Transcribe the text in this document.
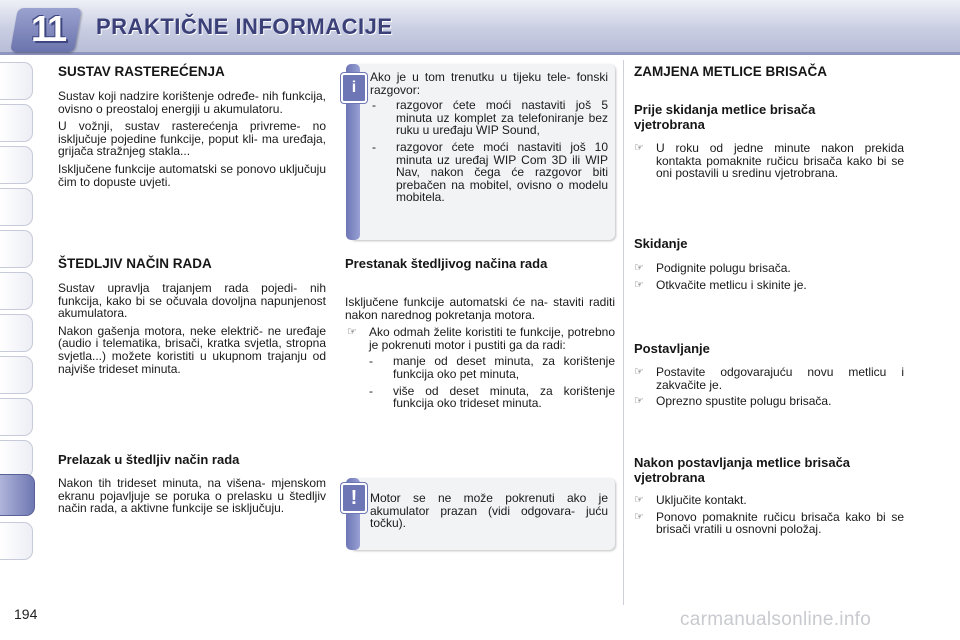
11	PRAKTIČNE INFORMACIJE
SUSTAV RASTEREĆENJA

Sustav koji nadzire korištenje određe- nih funkcija, ovisno o preostaloj energiji u akumulatoru.

U vožnji, sustav rasterećenja privreme- no isključuje pojedine funkcije, poput kli- ma uređaja, grijača stražnjeg stakla...

Isključene funkcije automatski se ponovo uključuju čim to dopuste uvjeti.

ŠTEDLJIV NAČIN RADA

Sustav upravlja trajanjem rada pojedi- nih funkcija, kako bi se očuvala dovoljna napunjenost akumulatora.

Nakon gašenja motora, neke električ- ne uređaje (audio i telematika, brisači, kratka svjetla, stropna svjetla...) možete koristiti u ukupnom trajanju od najviše trideset minuta.

Prelazak u štedljiv način rada

Nakon tih trideset minuta, na višena- mjenskom ekranu pojavljuje se poruka o prelasku u štedljiv način rada, a aktivne funkcije se isključuju.

i

Ako je u tom trenutku u tijeku tele- fonski razgovor:

- razgovor ćete moći nastaviti još 5 minuta uz komplet za telefoniranje bez ruku u uređaju WIP Sound,
- razgovor ćete moći nastaviti još 10 minuta uz uređaj WIP Com 3D ili WIP Nav, nakon čega će razgovor biti prebačen na mobitel, ovisno o modelu mobitela.
Prestanak štedljivog načina rada

Isključene funkcije automatski će na- staviti raditi nakon narednog pokretanja motora.

☞ Ako odmah želite koristiti te funkcije, potrebno je pokrenuti motor i pustiti ga da radi:
- manje od deset minuta, za korištenje funkcija oko pet minuta,
- više od deset minuta, za korištenje funkcija oko trideset minuta.
!	Motor se ne može pokrenuti ako je akumulator prazan (vidi odgovara- juću točku).

ZAMJENA METLICE BRISAČA
Prije skidanja metlice brisača vjetrobrana
☞ U roku od jedne minute nakon prekida kontakta pomaknite ručicu brisača kako bi se oni postavili u sredinu vjetrobrana.
Skidanje
☞ Podignite polugu brisača.
☞ Otkvačite metlicu i skinite je.
Postavljanje
☞ Postavite odgovarajuću novu metlicu i zakvačite je.
☞ Oprezno spustite polugu brisača.
Nakon postavljanja metlice brisača vjetrobrana
☞ Uključite kontakt.
☞ Ponovo pomaknite ručicu brisača kako bi se brisači vratili u osnovni položaj.
194	carmanualsonline.info
